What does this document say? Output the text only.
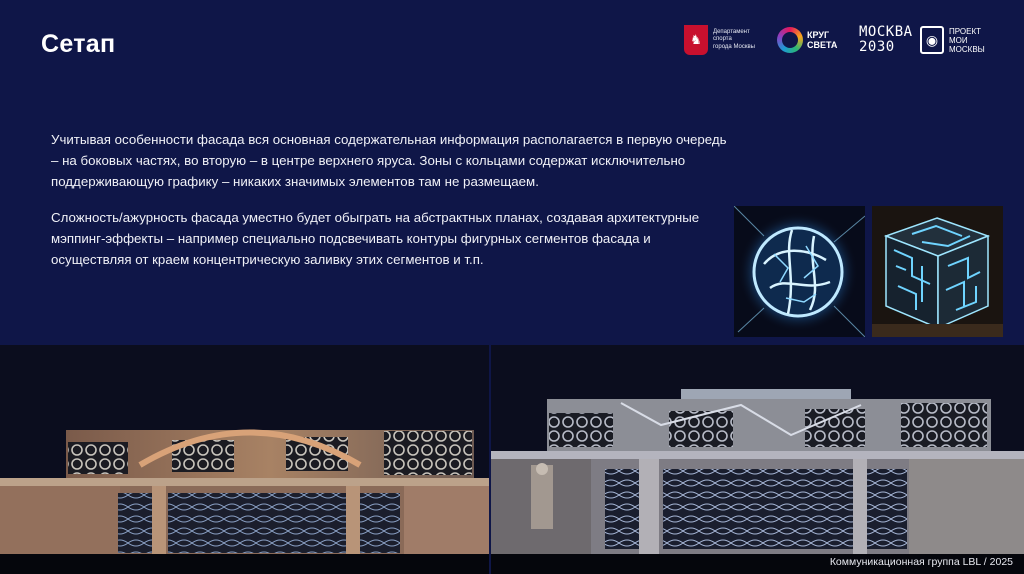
Сетап	♞
Департамент
спорта
города Москвы
КРУГ
СВЕТА
МОСКВА
2030	◉
ПРОЕКТ
МОИ
МОСКВЫ
Учитывая особенности фасада вся основная содержательная информация располагается в первую очередь – на боковых частях, во вторую – в центре верхнего яруса. Зоны с кольцами содержат исключительно поддерживающую графику – никаких значимых элементов там не размещаем.
Сложность/ажурность фасада уместно будет обыграть на абстрактных планах, создавая архитектурные мэппинг-эффекты – например специально подсвечивать контуры фигурных сегментов фасада и осуществляя от краем концентрическую заливку этих сегментов и т.п.
Коммуникационная группа LBL / 2025
